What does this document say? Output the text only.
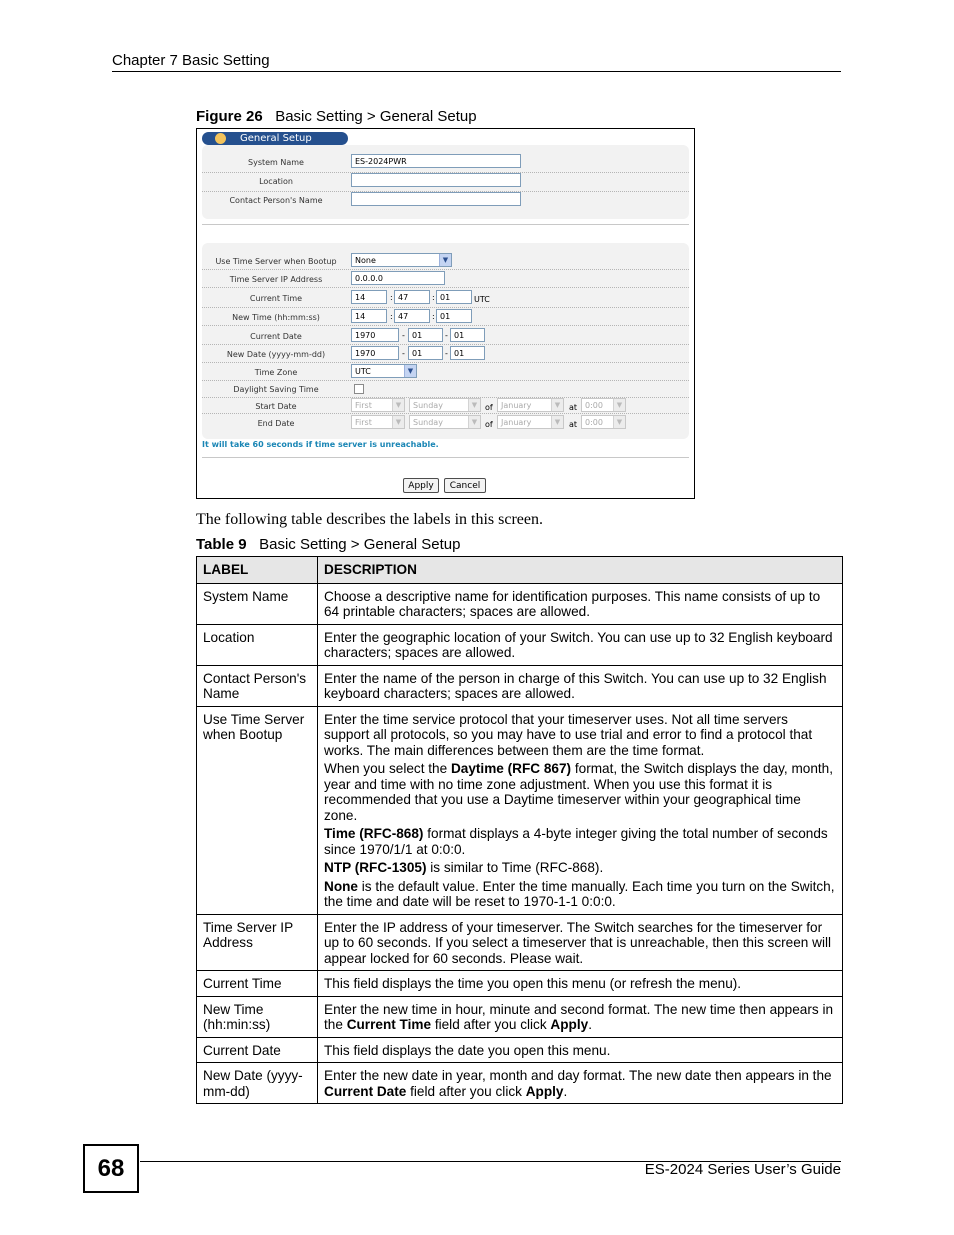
Chapter 7 Basic Setting
Figure 26 Basic Setting > General Setup
General Setup
System Name	ES-2024PWR
Location
Contact Person's Name
Use Time Server when Bootup	None	▼
Time Server IP Address	0.0.0.0
Current Time	14	: 47	: 01	UTC
New Time (hh:mm:ss)	14	: 47	: 01
Current Date	1970	- 01	- 01
New Date (yyyy-mm-dd)	1970	- 01	- 01
Time Zone	UTC	▼
Daylight Saving Time
Start Date	First	▼	Sunday	▼ of	January	▼	at 0:00	▼
End Date	First	▼	Sunday	▼ of	January	▼	at 0:00	▼
It will take 60 seconds if time server is unreachable.
Apply	Cancel
The following table describes the labels in this screen.
Table 9 Basic Setting > General Setup
LABEL	DESCRIPTION
System Name	Choose a descriptive name for identification purposes. This name consists of up to 64 printable characters; spaces are allowed.
Location	Enter the geographic location of your Switch. You can use up to 32 English keyboard characters; spaces are allowed.
Contact Person's Name	Enter the name of the person in charge of this Switch. You can use up to 32 English keyboard characters; spaces are allowed.
Use Time Server when Bootup	Enter the time service protocol that your timeserver uses. Not all time servers support all protocols, so you may have to use trial and error to find a protocol that works. The main differences between them are the time format.

When you select the Daytime (RFC 867) format, the Switch displays the day, month, year and time with no time zone adjustment. When you use this format it is recommended that you use a Daytime timeserver within your geographical time zone.

Time (RFC-868) format displays a 4-byte integer giving the total number of seconds since 1970/1/1 at 0:0:0.

NTP (RFC-1305) is similar to Time (RFC-868).

None is the default value. Enter the time manually. Each time you turn on the Switch, the time and date will be reset to 1970-1-1 0:0:0.

Time Server IP Address	Enter the IP address of your timeserver. The Switch searches for the timeserver for up to 60 seconds. If you select a timeserver that is unreachable, then this screen will appear locked for 60 seconds. Please wait.
Current Time	This field displays the time you open this menu (or refresh the menu).
New Time (hh:min:ss)	Enter the new time in hour, minute and second format. The new time then appears in the Current Time field after you click Apply.
Current Date	This field displays the date you open this menu.
New Date (yyyy-mm-dd)	Enter the new date in year, month and day format. The new date then appears in the Current Date field after you click Apply.
68	ES-2024 Series User’s Guide
